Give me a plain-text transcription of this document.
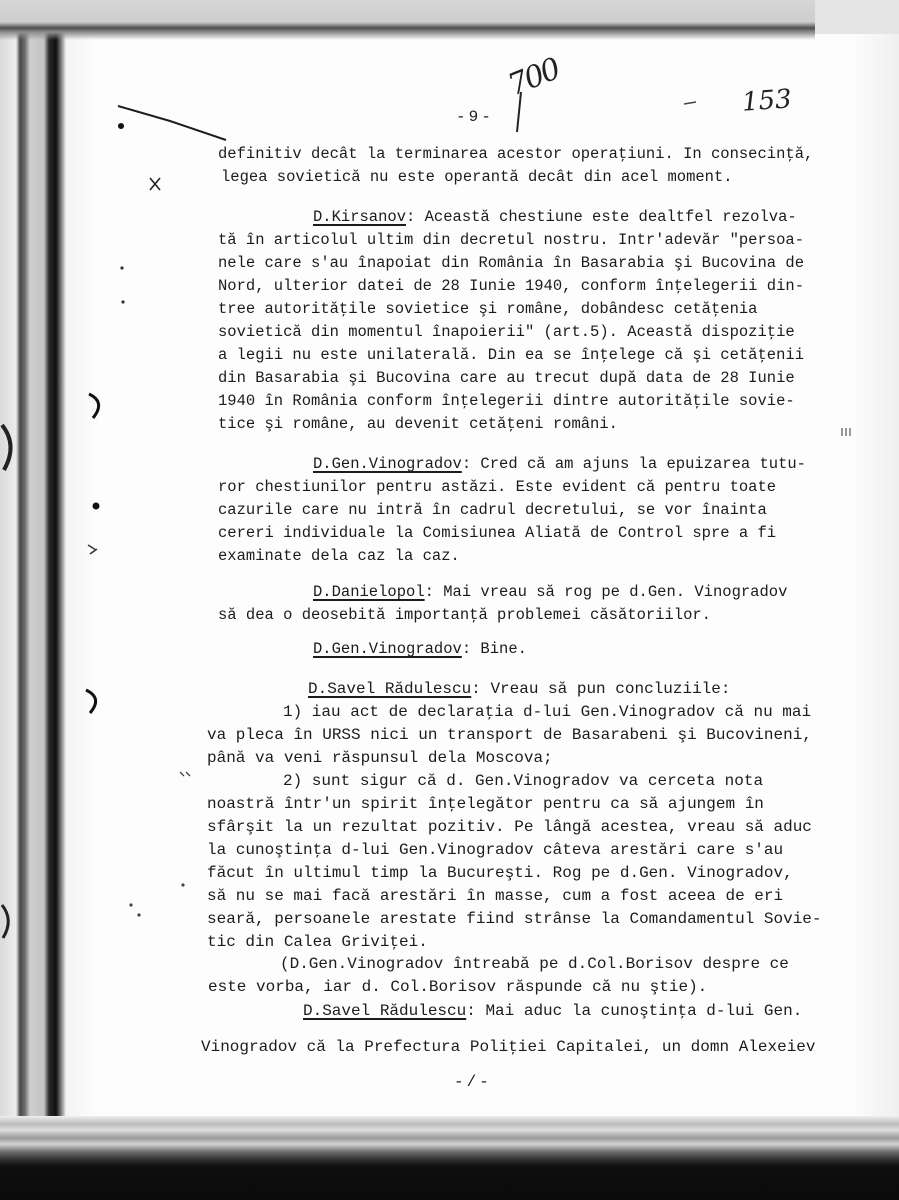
700	153
-9-
definitiv decât la terminarea acestor operaţiuni. In consecinţă,
legea sovietică nu este operantă decât din acel moment.
D.Kirsanov: Această chestiune este dealtfel rezolva-
tă în articolul ultim din decretul nostru. Intr'adevăr "persoa-
nele care s'au înapoiat din România în Basarabia şi Bucovina de
Nord, ulterior datei de 28 Iunie 1940, conform înţelegerii din-
tree autorităţile sovietice şi române, dobândesc cetăţenia
sovietică din momentul înapoierii" (art.5). Această dispoziţie
a legii nu este unilaterală. Din ea se înţelege că şi cetăţenii
din Basarabia şi Bucovina care au trecut după data de 28 Iunie
1940 în România conform înţelegerii dintre autorităţile sovie-
tice şi române, au devenit cetăţeni români.
D.Gen.Vinogradov: Cred că am ajuns la epuizarea tutu-
ror chestiunilor pentru astăzi. Este evident că pentru toate
cazurile care nu intră în cadrul decretului, se vor înainta
cereri individuale la Comisiunea Aliată de Control spre a fi
examinate dela caz la caz.
D.Danielopol: Mai vreau să rog pe d.Gen. Vinogradov
să dea o deosebită importanţă problemei căsătoriilor.
D.Gen.Vinogradov: Bine.
D.Savel Rădulescu: Vreau să pun concluziile:
1) iau act de declaraţia d-lui Gen.Vinogradov că nu mai
va pleca în URSS nici un transport de Basarabeni şi Bucovineni,
până va veni răspunsul dela Moscova;
2) sunt sigur că d. Gen.Vinogradov va cerceta nota
noastră într'un spirit înţelegător pentru ca să ajungem în
sfârşit la un rezultat pozitiv. Pe lângă acestea, vreau să aduc
la cunoştinţa d-lui Gen.Vinogradov câteva arestări care s'au
făcut în ultimul timp la Bucureşti. Rog pe d.Gen. Vinogradov,
să nu se mai facă arestări în masse, cum a fost aceea de eri
seară, persoanele arestate fiind strânse la Comandamentul Sovie-
tic din Calea Griviţei.
(D.Gen.Vinogradov întreabă pe d.Col.Borisov despre ce
este vorba, iar d. Col.Borisov răspunde că nu ştie).
D.Savel Rădulescu: Mai aduc la cunoştinţa d-lui Gen.
Vinogradov că la Prefectura Poliţiei Capitalei, un domn Alexeiev
-/-
